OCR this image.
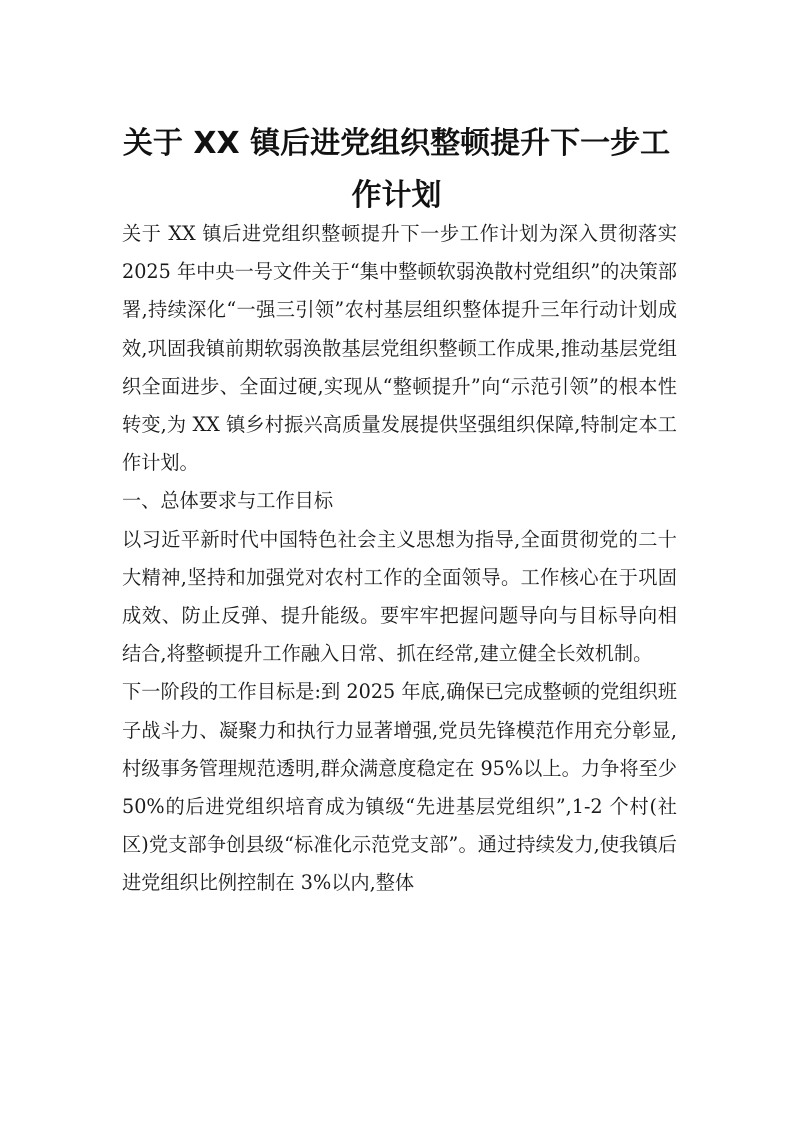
关于 XX 镇后进党组织整顿提升下一步工作计划

关于 XX 镇后进党组织整顿提升下一步工作计划为深入贯彻落实 2025 年中央一号文件关于“集中整顿软弱涣散村党组织”的决策部署,持续深化“一强三引领”农村基层组织整体提升三年行动计划成效,巩固我镇前期软弱涣散基层党组织整顿工作成果,推动基层党组织全面进步、全面过硬,实现从“整顿提升”向“示范引领”的根本性转变,为 XX 镇乡村振兴高质量发展提供坚强组织保障,特制定本工作计划。

一、总体要求与工作目标

以习近平新时代中国特色社会主义思想为指导,全面贯彻党的二十大精神,坚持和加强党对农村工作的全面领导。工作核心在于巩固成效、防止反弹、提升能级。要牢牢把握问题导向与目标导向相结合,将整顿提升工作融入日常、抓在经常,建立健全长效机制。

下一阶段的工作目标是:到 2025 年底,确保已完成整顿的党组织班子战斗力、凝聚力和执行力显著增强,党员先锋模范作用充分彰显,村级事务管理规范透明,群众满意度稳定在 95%以上。力争将至少 50%的后进党组织培育成为镇级“先进基层党组织”,1-2 个村(社区)党支部争创县级“标准化示范党支部”。通过持续发力,使我镇后进党组织比例控制在 3%以内,整体
